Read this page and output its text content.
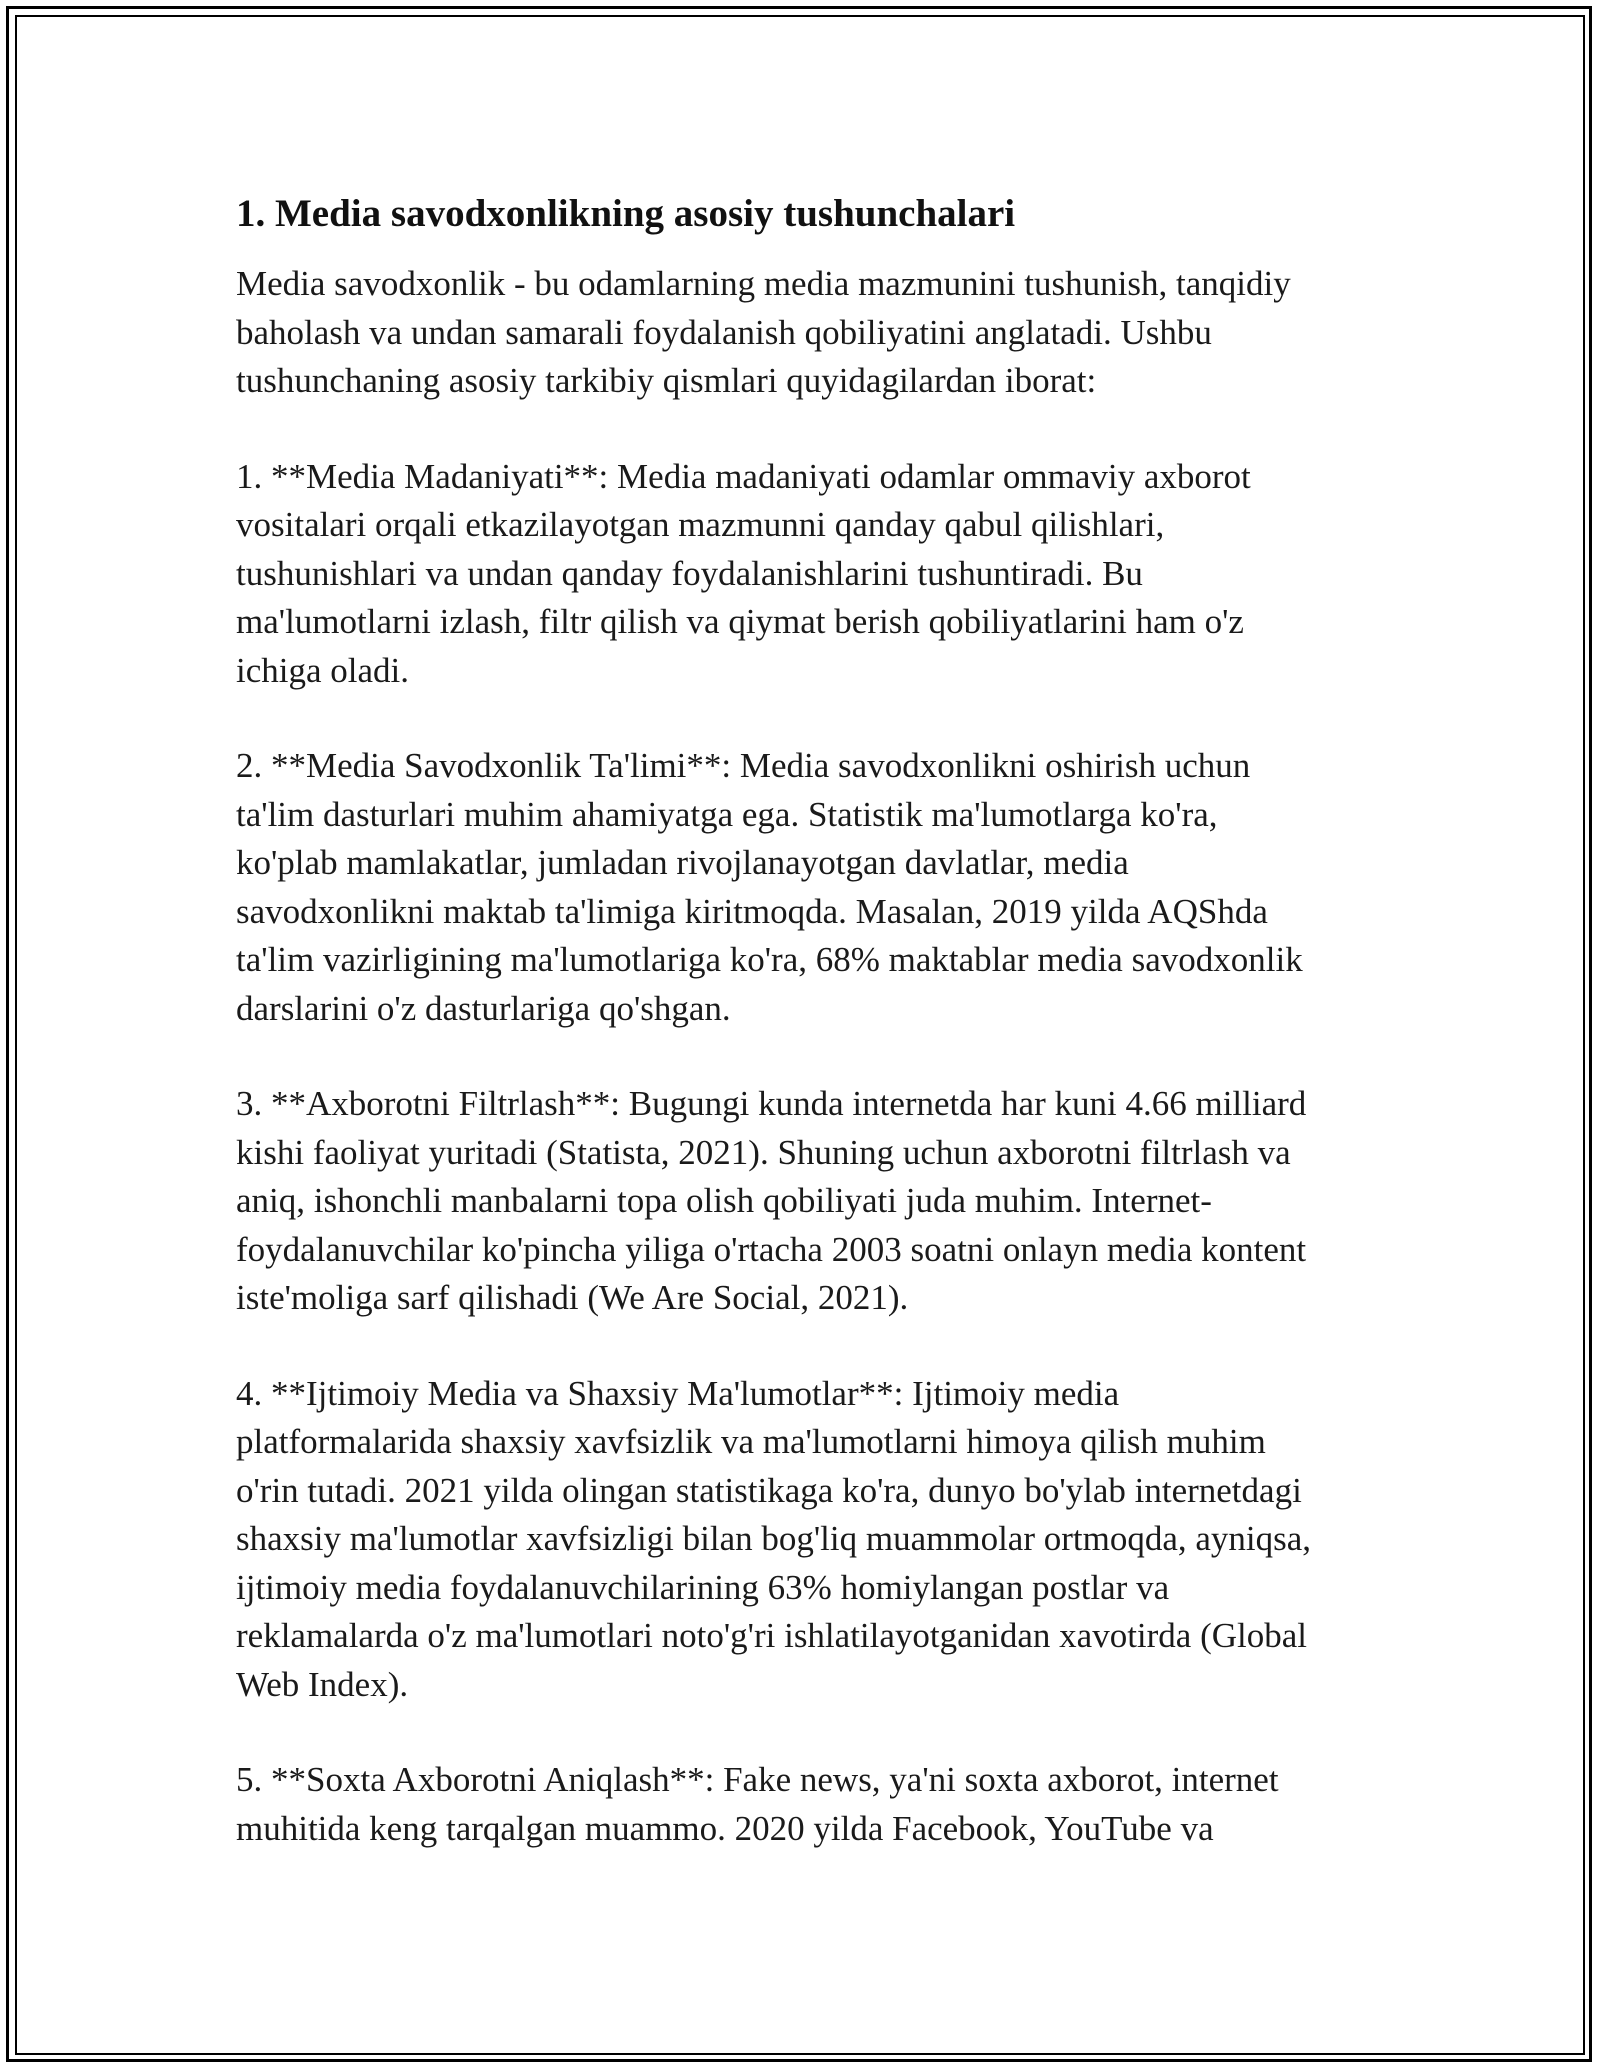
1. Media savodxonlikning asosiy tushunchalari

Media savodxonlik - bu odamlarning media mazmunini tushunish, tanqidiy baholash va undan samarali foydalanish qobiliyatini anglatadi. Ushbu tushunchaning asosiy tarkibiy qismlari quyidagilardan iborat:

1. **Media Madaniyati**: Media madaniyati odamlar ommaviy axborot
vositalari orqali etkazilayotgan mazmunni qanday qabul qilishlari,
tushunishlari va undan qanday foydalanishlarini tushuntiradi. Bu
ma'lumotlarni izlash, filtr qilish va qiymat berish qobiliyatlarini ham o'z
ichiga oladi.

2. **Media Savodxonlik Ta'limi**: Media savodxonlikni oshirish uchun
ta'lim dasturlari muhim ahamiyatga ega. Statistik ma'lumotlarga ko'ra,
ko'plab mamlakatlar, jumladan rivojlanayotgan davlatlar, media
savodxonlikni maktab ta'limiga kiritmoqda. Masalan, 2019 yilda AQShda
ta'lim vazirligining ma'lumotlariga ko'ra, 68% maktablar media savodxonlik
darslarini o'z dasturlariga qo'shgan.

3. **Axborotni Filtrlash**: Bugungi kunda internetda har kuni 4.66 milliard
kishi faoliyat yuritadi (Statista, 2021). Shuning uchun axborotni filtrlash va
aniq, ishonchli manbalarni topa olish qobiliyati juda muhim. Internet-
foydalanuvchilar ko'pincha yiliga o'rtacha 2003 soatni onlayn media kontent
iste'moliga sarf qilishadi (We Are Social, 2021).

4. **Ijtimoiy Media va Shaxsiy Ma'lumotlar**: Ijtimoiy media
platformalarida shaxsiy xavfsizlik va ma'lumotlarni himoya qilish muhim
o'rin tutadi. 2021 yilda olingan statistikaga ko'ra, dunyo bo'ylab internetdagi
shaxsiy ma'lumotlar xavfsizligi bilan bog'liq muammolar ortmoqda, ayniqsa,
ijtimoiy media foydalanuvchilarining 63% homiylangan postlar va
reklamalarda o'z ma'lumotlari noto'g'ri ishlatilayotganidan xavotirda (Global
Web Index).

5. **Soxta Axborotni Aniqlash**: Fake news, ya'ni soxta axborot, internet
muhitida keng tarqalgan muammo. 2020 yilda Facebook, YouTube va
